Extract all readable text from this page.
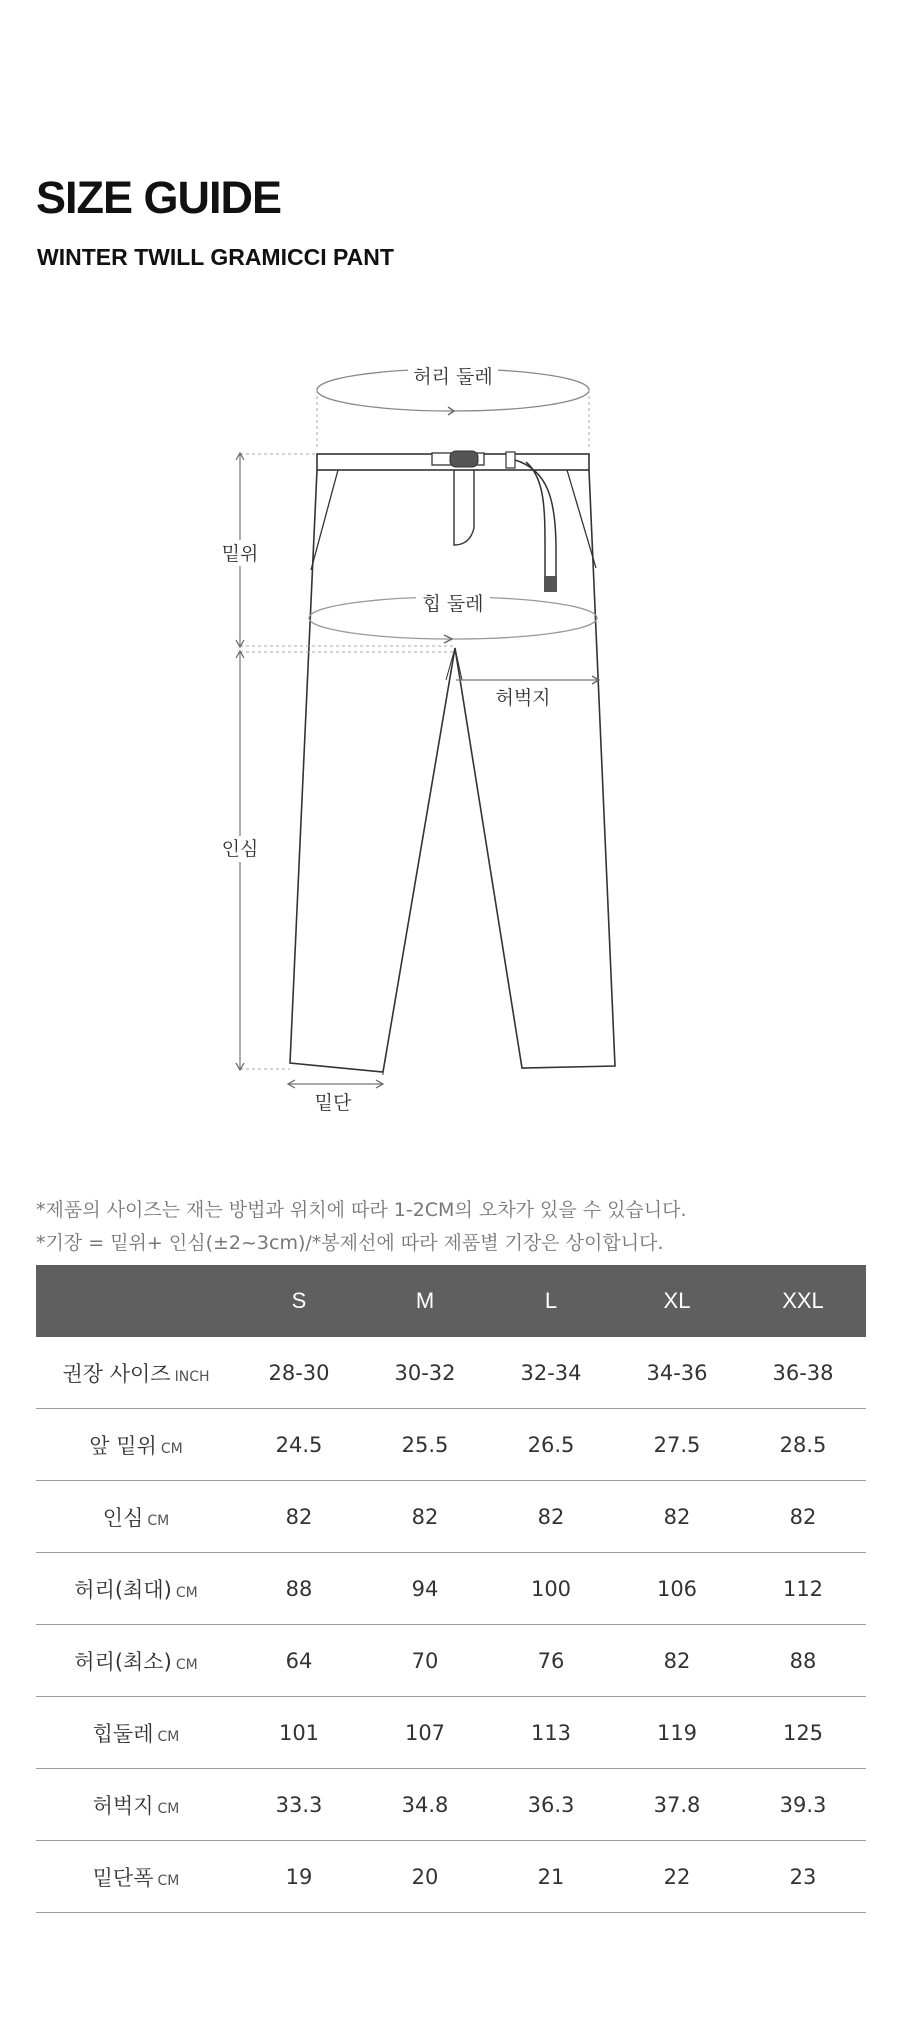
SIZE GUIDE
WINTER TWILL GRAMICCI PANT
허리 둘레
힙 둘레
허벅지
밑위
인심
밑단
*제품의 사이즈는 재는 방법과 위치에 따라 1-2CM의 오차가 있을 수 있습니다.
*기장 = 밑위+ 인심(±2~3cm)/*봉제선에 따라 제품별 기장은 상이합니다.
	S	M	L	XL	XXL
권장 사이즈 INCH	28-30	30-32	32-34	34-36	36-38
앞 밑위 CM	24.5	25.5	26.5	27.5	28.5
인심 CM	82	82	82	82	82
허리(최대) CM	88	94	100	106	112
허리(최소) CM	64	70	76	82	88
힙둘레 CM	101	107	113	119	125
허벅지 CM	33.3	34.8	36.3	37.8	39.3
밑단폭 CM	19	20	21	22	23
